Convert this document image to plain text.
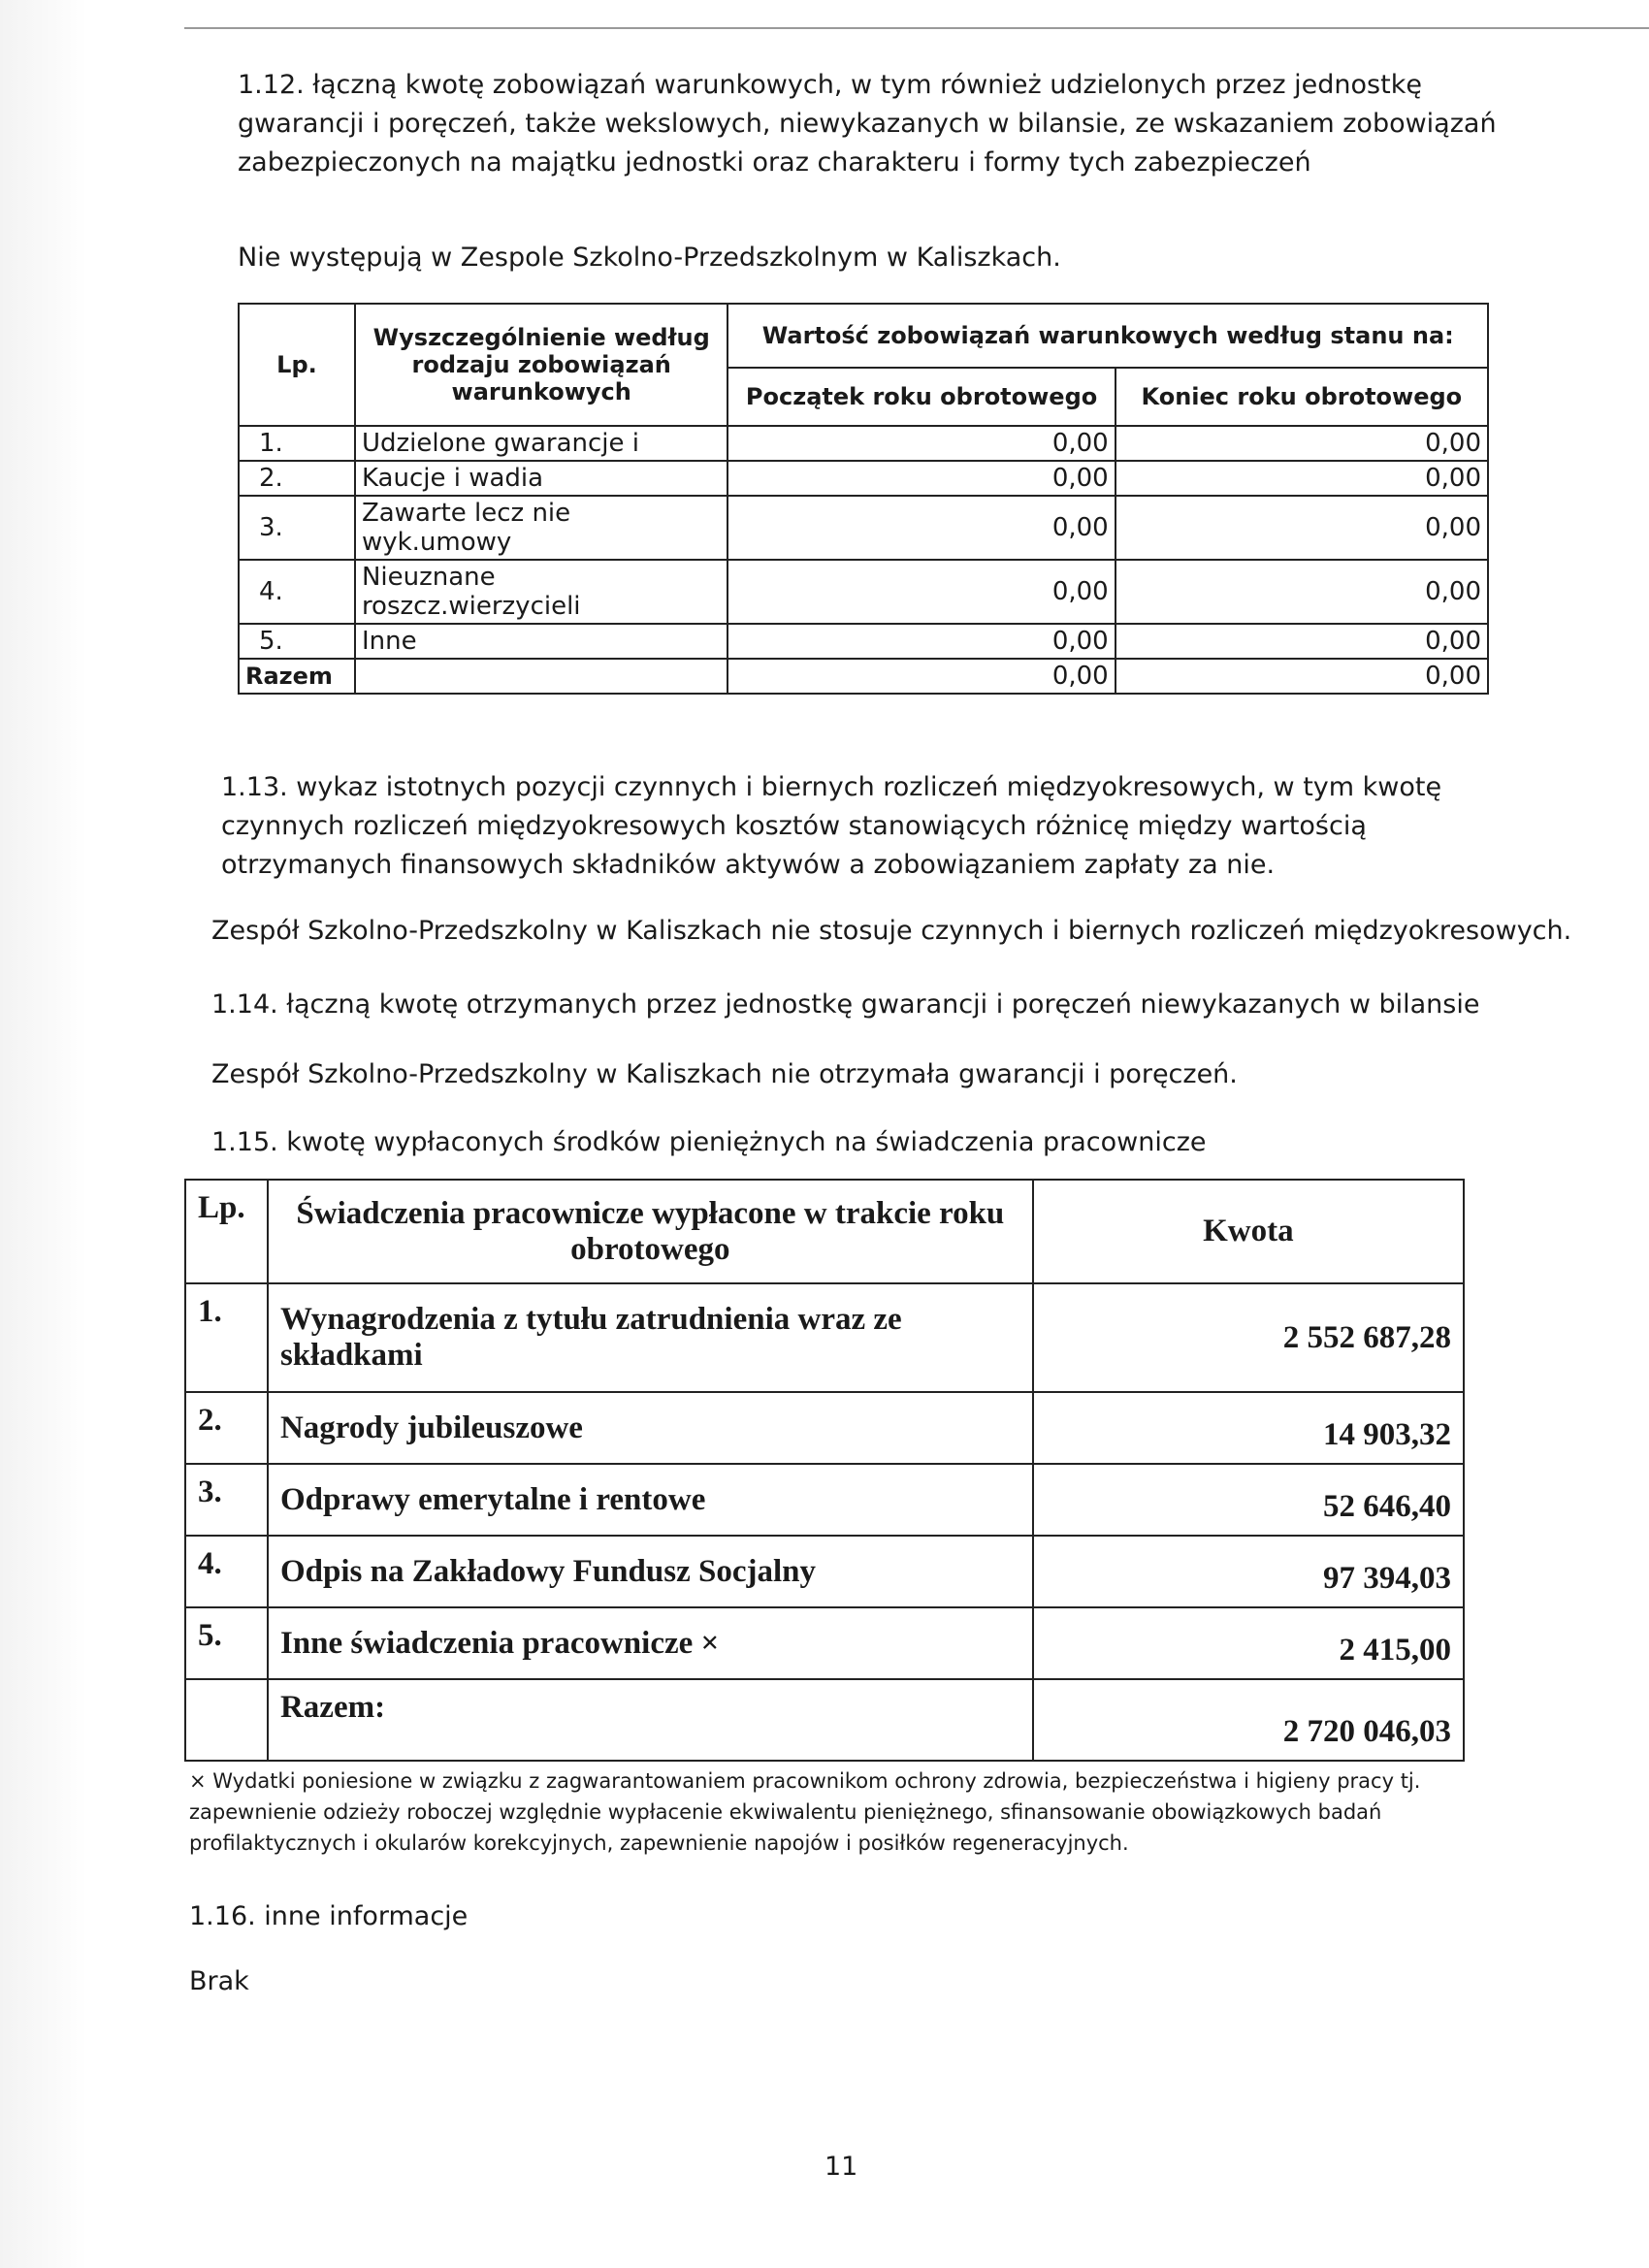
1.12. łączną kwotę zobowiązań warunkowych, w tym również udzielonych przez jednostkę gwarancji i poręczeń, także wekslowych, niewykazanych w bilansie, ze wskazaniem zobowiązań zabezpieczonych na majątku jednostki oraz charakteru i formy tych zabezpieczeń

Nie występują w Zespole Szkolno-Przedszkolnym w Kaliszkach.

Lp.	Wyszczególnienie według rodzaju zobowiązań warunkowych	Wartość zobowiązań warunkowych według stanu na:	
		Początek roku obrotowego	Koniec roku obrotowego
1.	Udzielone gwarancje i	0,00	0,00
2.	Kaucje i wadia	0,00	0,00
3.	Zawarte lecz nie wyk.umowy	0,00	0,00
4.	Nieuznane roszcz.wierzycieli	0,00	0,00
5.	Inne	0,00	0,00
Razem		0,00	0,00

1.13. wykaz istotnych pozycji czynnych i biernych rozliczeń międzyokresowych, w tym kwotę czynnych rozliczeń międzyokresowych kosztów stanowiących różnicę między wartością otrzymanych finansowych składników aktywów a zobowiązaniem zapłaty za nie.

Zespół Szkolno-Przedszkolny w Kaliszkach nie stosuje czynnych i biernych rozliczeń międzyokresowych.

1.14. łączną kwotę otrzymanych przez jednostkę gwarancji i poręczeń niewykazanych w bilansie

Zespół Szkolno-Przedszkolny w Kaliszkach nie otrzymała gwarancji i poręczeń.

1.15. kwotę wypłaconych środków pieniężnych na świadczenia pracownicze

Lp.	Świadczenia pracownicze wypłacone w trakcie roku obrotowego	Kwota
1.	Wynagrodzenia z tytułu zatrudnienia wraz ze składkami	2 552 687,28
2.	Nagrody jubileuszowe	14 903,32
3.	Odprawy emerytalne i rentowe	52 646,40
4.	Odpis na Zakładowy Fundusz Socjalny	97 394,03
5.	Inne świadczenia pracownicze ×	2 415,00
	Razem:	2 720 046,03

× Wydatki poniesione w związku z zagwarantowaniem pracownikom ochrony zdrowia, bezpieczeństwa i higieny pracy tj. zapewnienie odzieży roboczej względnie wypłacenie ekwiwalentu pieniężnego, sfinansowanie obowiązkowych badań profilaktycznych i okularów korekcyjnych, zapewnienie napojów i posiłków regeneracyjnych.

1.16. inne informacje

Brak

11
